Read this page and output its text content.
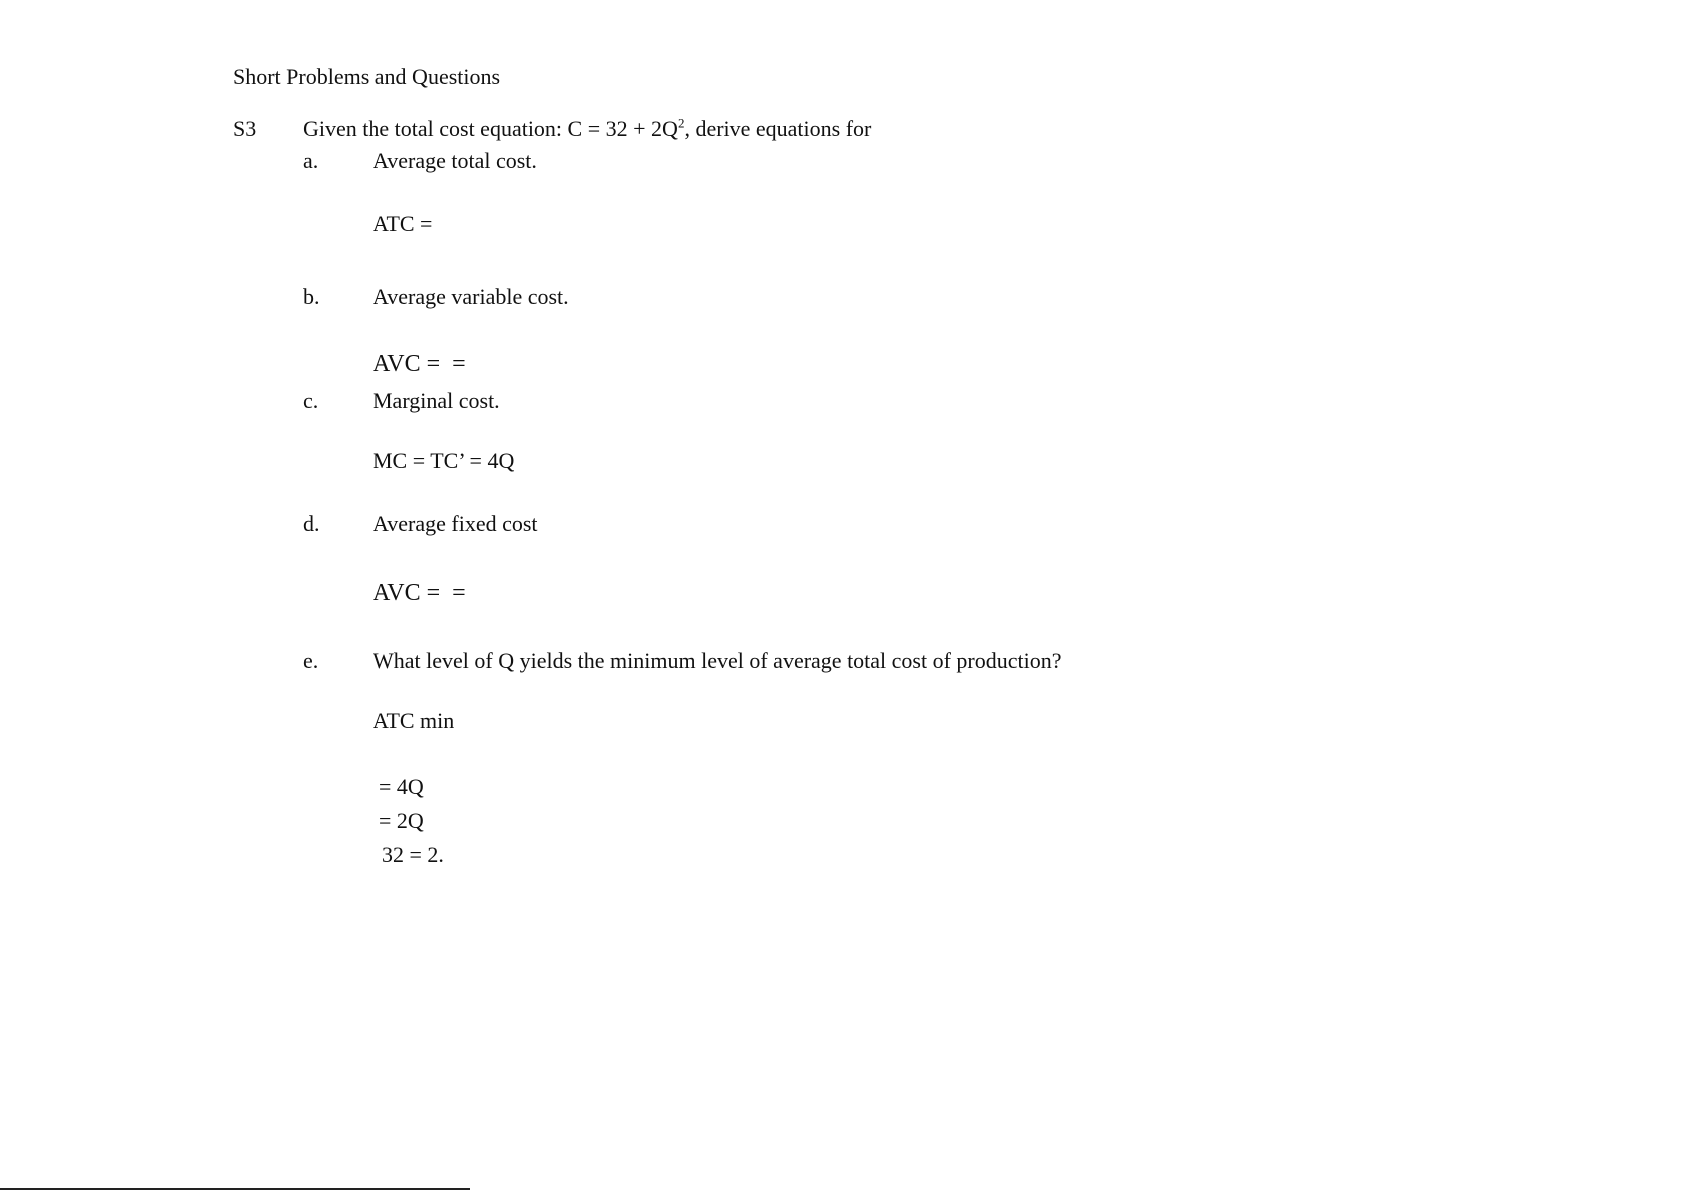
Short Problems and Questions
S3 Given the total cost equation: $C = 32 + 2Q^2$, derive equations for
a. Average total cost.
ATC =
b. Average variable cost.
AVC =  =
c. Marginal cost.
MC = TC’ = 4Q
d. Average fixed cost
AVC =  =
e. What level of Q yields the minimum level of average total cost of production?
ATC min
= 4Q
= 2Q
32 = 2.
